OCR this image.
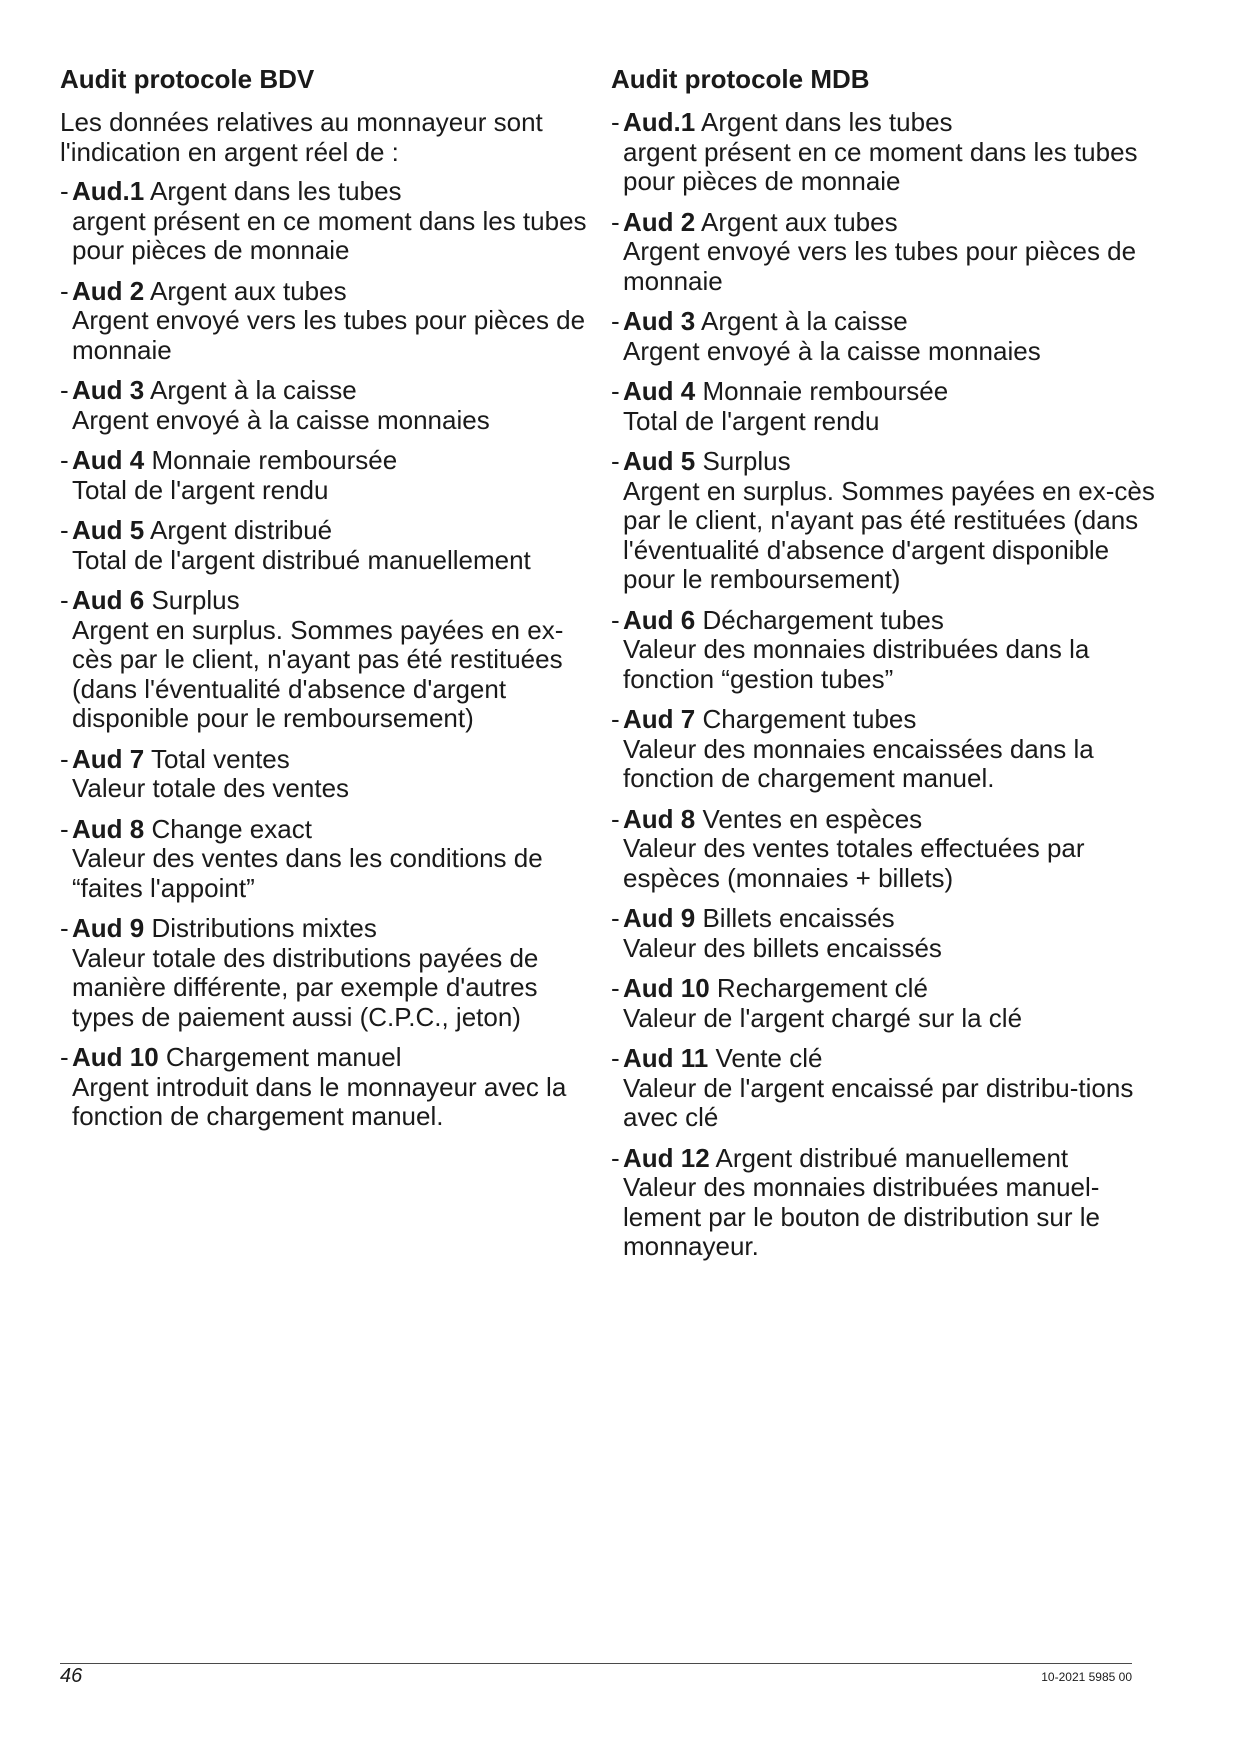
Audit protocole BDV
Les données relatives au monnayeur sont l'indication en argent réel de :
- Aud.1 Argent dans les tubes
argent présent en ce moment dans les tubes pour pièces de monnaie
- Aud 2 Argent aux tubes
Argent envoyé vers les tubes pour pièces de monnaie
- Aud 3 Argent à la caisse
Argent envoyé à la caisse monnaies
- Aud 4 Monnaie remboursée
Total de l'argent rendu
- Aud 5 Argent distribué
Total de l'argent distribué manuellement
- Aud 6 Surplus
Argent en surplus. Sommes payées en ex-cès par le client, n'ayant pas été restituées (dans l'éventualité d'absence d'argent disponible pour le remboursement)
- Aud 7 Total ventes
Valeur totale des ventes
- Aud 8 Change exact
Valeur des ventes dans les conditions de “faites l'appoint”
- Aud 9 Distributions mixtes
Valeur totale des distributions payées de manière différente, par exemple d'autres types de paiement aussi (C.P.C., jeton)
- Aud 10 Chargement manuel
Argent introduit dans le monnayeur avec la fonction de chargement manuel.
Audit protocole MDB
- Aud.1 Argent dans les tubes
argent présent en ce moment dans les tubes pour pièces de monnaie
- Aud 2 Argent aux tubes
Argent envoyé vers les tubes pour pièces de monnaie
- Aud 3 Argent à la caisse
Argent envoyé à la caisse monnaies
- Aud 4 Monnaie remboursée
Total de l'argent rendu
- Aud 5 Surplus
Argent en surplus. Sommes payées en ex-cès par le client, n'ayant pas été restituées (dans l'éventualité d'absence d'argent disponible pour le remboursement)
- Aud 6 Déchargement tubes
Valeur des monnaies distribuées dans la fonction “gestion tubes”
- Aud 7 Chargement tubes
Valeur des monnaies encaissées dans la fonction de chargement manuel.
- Aud 8 Ventes en espèces
Valeur des ventes totales effectuées par espèces (monnaies + billets)
- Aud 9 Billets encaissés
Valeur des billets encaissés
- Aud 10 Rechargement clé
Valeur de l'argent chargé sur la clé
- Aud 11 Vente clé
Valeur de l'argent encaissé par distribu-tions avec clé
- Aud 12 Argent distribué manuellement
Valeur des monnaies distribuées manuel-lement par le bouton de distribution sur le monnayeur.
46	10-2021 5985 00
